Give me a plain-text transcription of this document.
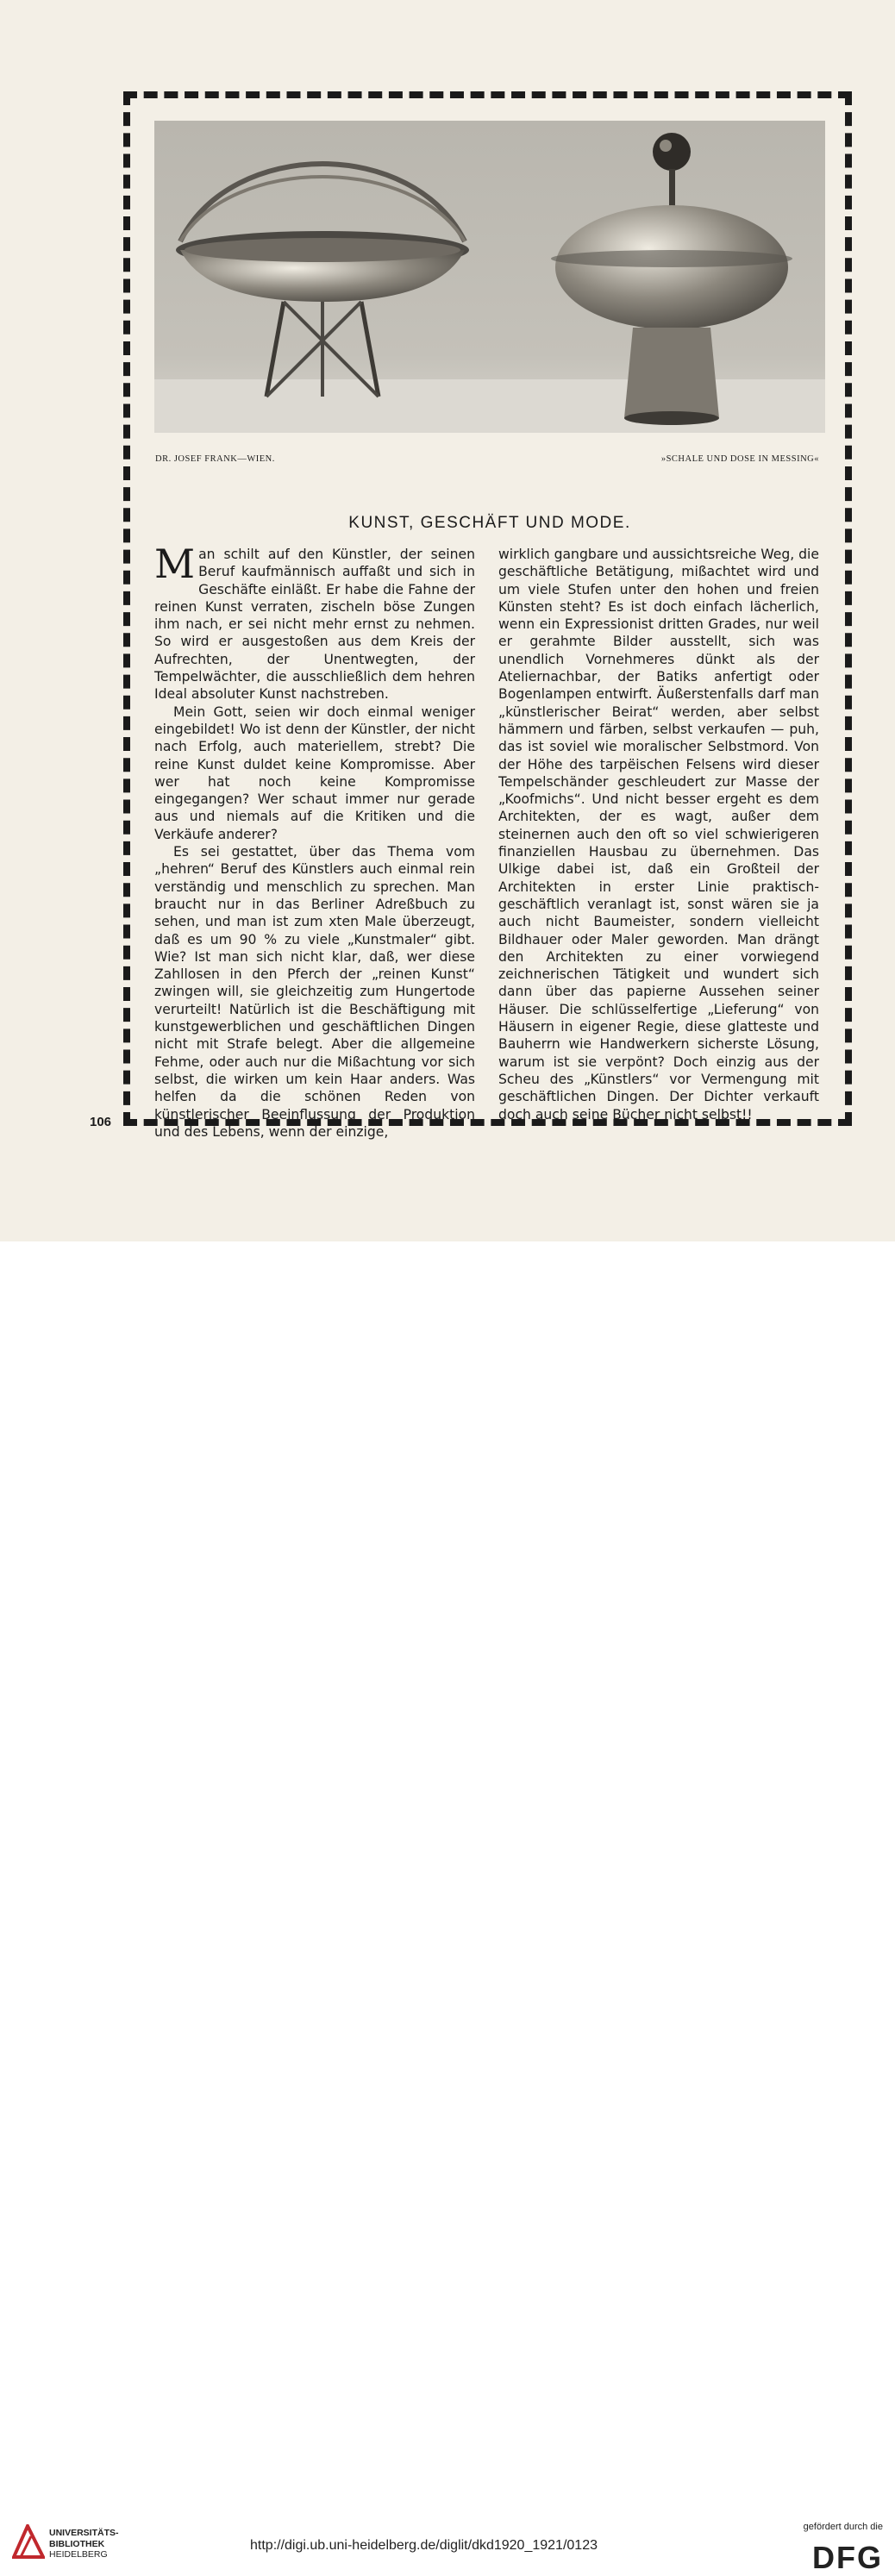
DR. JOSEF FRANK—WIEN.	»SCHALE UND DOSE IN MESSING«
KUNST, GESCHÄFT UND MODE.

Man schilt auf den Künstler, der seinen Beruf kaufmännisch auffaßt und sich in Geschäfte einläßt. Er habe die Fahne der reinen Kunst verraten, zischeln böse Zungen ihm nach, er sei nicht mehr ernst zu nehmen. So wird er ausgestoßen aus dem Kreis der Aufrechten, der Unentwegten, der Tempelwächter, die ausschließlich dem hehren Ideal absoluter Kunst nachstreben.

Mein Gott, seien wir doch einmal weniger eingebildet! Wo ist denn der Künstler, der nicht nach Erfolg, auch materiellem, strebt? Die reine Kunst duldet keine Kompromisse. Aber wer hat noch keine Kompromisse eingegangen? Wer schaut immer nur gerade aus und niemals auf die Kritiken und die Verkäufe anderer?

Es sei gestattet, über das Thema vom „hehren“ Beruf des Künstlers auch einmal rein verständig und menschlich zu sprechen. Man braucht nur in das Berliner Adreßbuch zu sehen, und man ist zum xten Male überzeugt, daß es um 90 % zu viele „Kunstmaler“ gibt. Wie? Ist man sich nicht klar, daß, wer diese Zahllosen in den Pferch der „reinen Kunst“ zwingen will, sie gleichzeitig zum Hungertode verurteilt! Natürlich ist die Beschäftigung mit kunstgewerblichen und geschäftlichen Dingen nicht mit Strafe belegt. Aber die allgemeine Fehme, oder auch nur die Mißachtung vor sich selbst, die wirken um kein Haar anders. Was helfen da die schönen Reden von künstlerischer Beeinflussung der Produktion und des Lebens, wenn der einzige,

wirklich gangbare und aussichtsreiche Weg, die geschäftliche Betätigung, mißachtet wird und um viele Stufen unter den hohen und freien Künsten steht? Es ist doch einfach lächerlich, wenn ein Expressionist dritten Grades, nur weil er gerahmte Bilder ausstellt, sich was unendlich Vornehmeres dünkt als der Ateliernachbar, der Batiks anfertigt oder Bogenlampen entwirft. Äußerstenfalls darf man „künstlerischer Beirat“ werden, aber selbst hämmern und färben, selbst verkaufen — puh, das ist soviel wie moralischer Selbstmord. Von der Höhe des tarpëischen Felsens wird dieser Tempelschänder geschleudert zur Masse der „Koofmichs“. Und nicht besser ergeht es dem Architekten, der es wagt, außer dem steinernen auch den oft so viel schwierigeren finanziellen Hausbau zu übernehmen. Das Ulkige dabei ist, daß ein Großteil der Architekten in erster Linie praktisch-geschäftlich veranlagt ist, sonst wären sie ja auch nicht Baumeister, sondern vielleicht Bildhauer oder Maler geworden. Man drängt den Architekten zu einer vorwiegend zeichnerischen Tätigkeit und wundert sich dann über das papierne Aussehen seiner Häuser. Die schlüsselfertige „Lieferung“ von Häusern in eigener Regie, diese glatteste und Bauherrn wie Handwerkern sicherste Lösung, warum ist sie verpönt? Doch einzig aus der Scheu des „Künstlers“ vor Vermengung mit geschäftlichen Dingen. Der Dichter verkauft doch auch seine Bücher nicht selbst!!

106
UNIVERSITÄTS-
BIBLIOTHEK
HEIDELBERG
http://digi.ub.uni-heidelberg.de/diglit/dkd1920_1921/0123
gefördert durch die
DFG
